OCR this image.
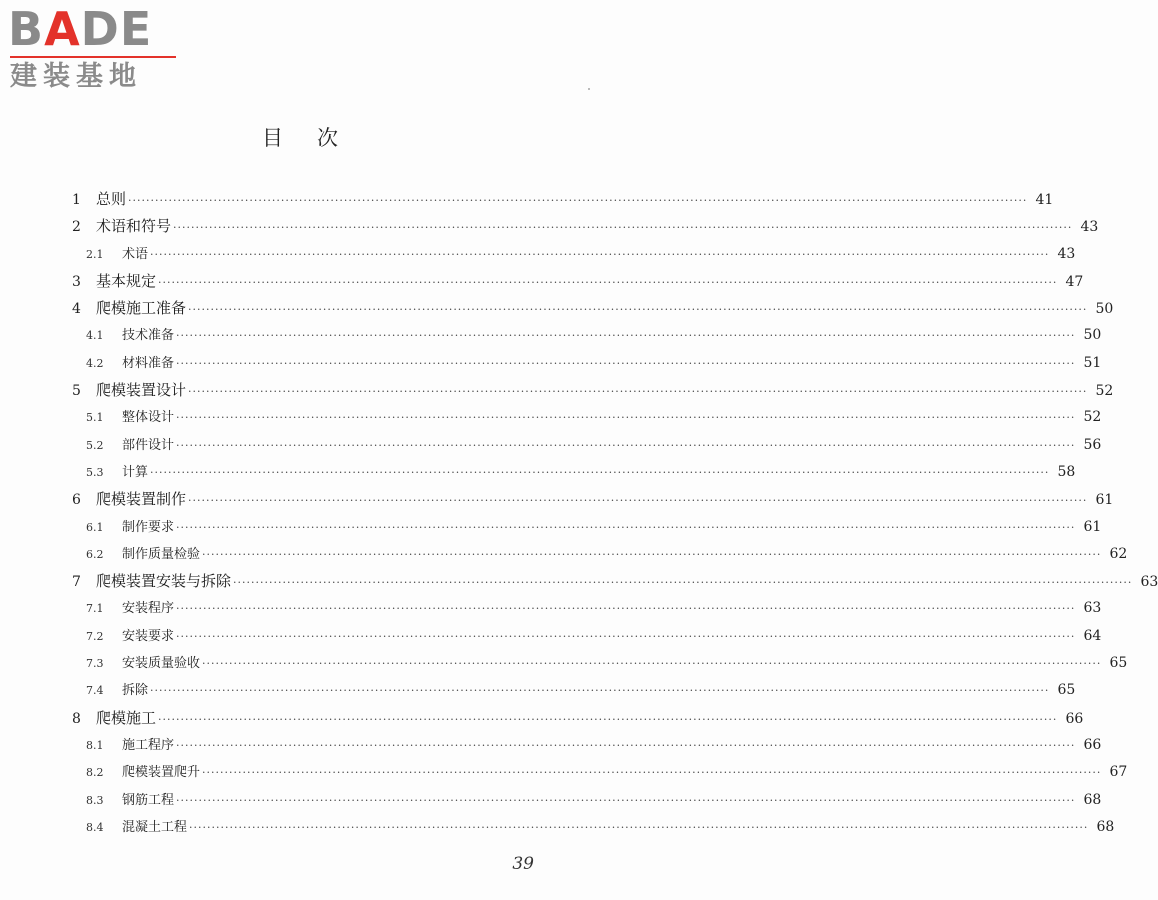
BADE
建装基地
目次
1	总则 ········································································································································································································ 41
2	术语和符号 ········································································································································································································ 43
2.1	术语 ········································································································································································································ 43
3	基本规定 ········································································································································································································ 47
4	爬模施工准备 ········································································································································································································ 50
4.1	技术准备 ········································································································································································································ 50
4.2	材料准备 ········································································································································································································ 51
5	爬模装置设计 ········································································································································································································ 52
5.1	整体设计 ········································································································································································································ 52
5.2	部件设计 ········································································································································································································ 56
5.3	计算 ········································································································································································································ 58
6	爬模装置制作 ········································································································································································································ 61
6.1	制作要求 ········································································································································································································ 61
6.2	制作质量检验 ········································································································································································································ 62
7	爬模装置安装与拆除 ········································································································································································································ 63
7.1	安装程序 ········································································································································································································ 63
7.2	安装要求 ········································································································································································································ 64
7.3	安装质量验收 ········································································································································································································ 65
7.4	拆除 ········································································································································································································ 65
8	爬模施工 ········································································································································································································ 66
8.1	施工程序 ········································································································································································································ 66
8.2	爬模装置爬升 ········································································································································································································ 67
8.3	钢筋工程 ········································································································································································································ 68
8.4	混凝土工程 ········································································································································································································ 68
39
